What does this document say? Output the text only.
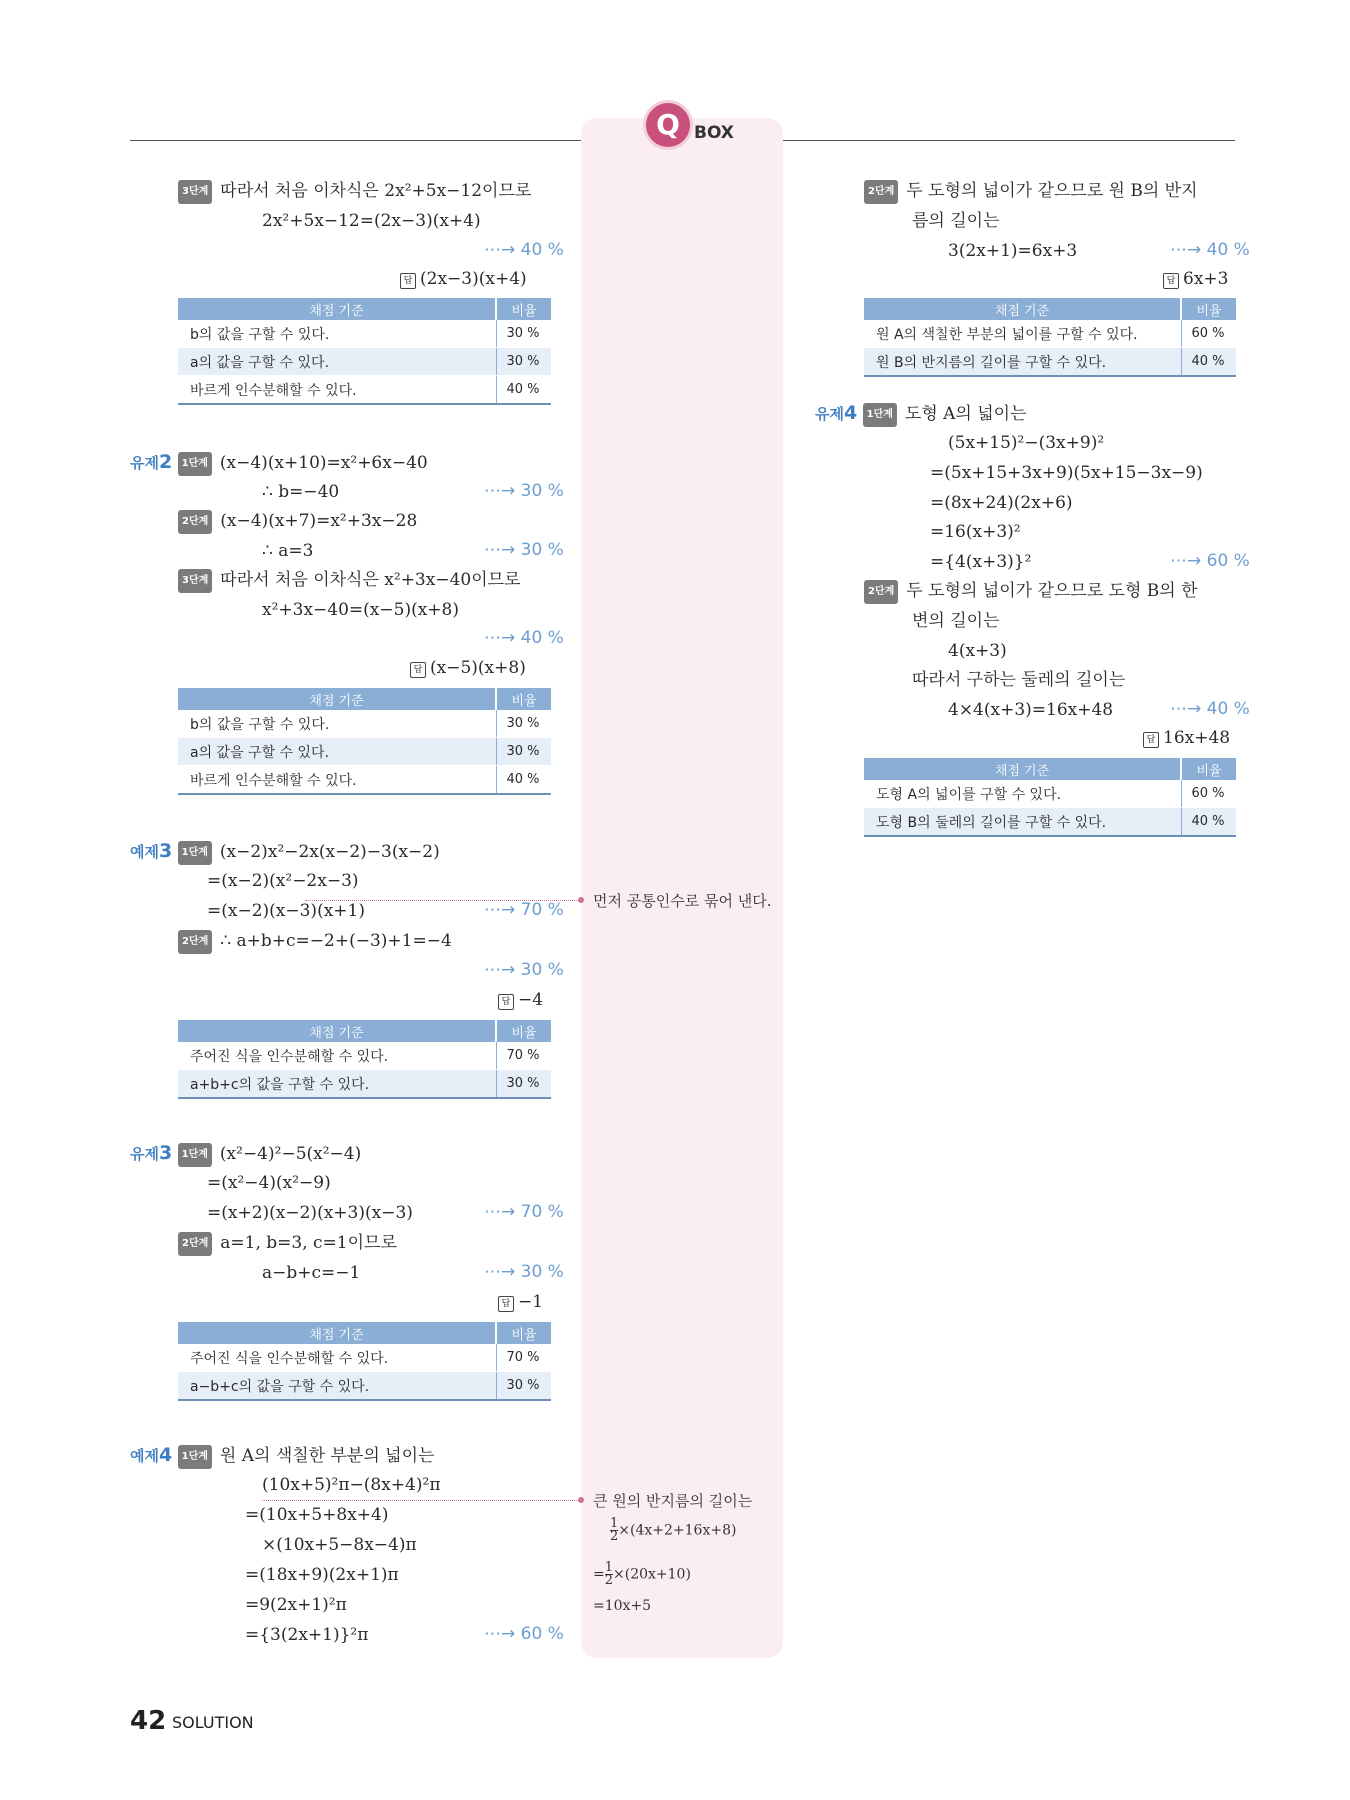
Q BOX
3단계 따라서 처음 이차식은 2x²+5x−12이므로
2x²+5x−12=(2x−3)(x+4)
⋯→ 40 %
답 (2x−3)(x+4)
채점 기준	비율
b의 값을 구할 수 있다.	30 %
a의 값을 구할 수 있다.	30 %
바르게 인수분해할 수 있다.	40 %
유제2 1단계 (x−4)(x+10)=x²+6x−40
∴ b=−40	⋯→ 30 %
2단계 (x−4)(x+7)=x²+3x−28
∴ a=3	⋯→ 30 %
3단계 따라서 처음 이차식은 x²+3x−40이므로
x²+3x−40=(x−5)(x+8)
⋯→ 40 %
답 (x−5)(x+8)
채점 기준	비율
b의 값을 구할 수 있다.	30 %
a의 값을 구할 수 있다.	30 %
바르게 인수분해할 수 있다.	40 %
예제3 1단계 (x−2)x²−2x(x−2)−3(x−2)
=(x−2)(x²−2x−3)
=(x−2)(x−3)(x+1)	⋯→ 70 %
2단계 ∴ a+b+c=−2+(−3)+1=−4
⋯→ 30 %
답 −4
채점 기준	비율
주어진 식을 인수분해할 수 있다.	70 %
a+b+c의 값을 구할 수 있다.	30 %
유제3 1단계 (x²−4)²−5(x²−4)
=(x²−4)(x²−9)
=(x+2)(x−2)(x+3)(x−3)	⋯→ 70 %
2단계 a=1, b=3, c=1이므로
a−b+c=−1	⋯→ 30 %
답 −1
채점 기준	비율
주어진 식을 인수분해할 수 있다.	70 %
a−b+c의 값을 구할 수 있다.	30 %
예제4 1단계 원 A의 색칠한 부분의 넓이는
(10x+5)²π−(8x+4)²π
=(10x+5+8x+4)
×(10x+5−8x−4)π
=(18x+9)(2x+1)π
=9(2x+1)²π
={3(2x+1)}²π	⋯→ 60 %
먼저 공통인수로 묶어 낸다.
큰 원의 반지름의 길이는
$\frac{1}{2} \times(4x+2+16x+8)$
= $\frac{1}{2} \times(20x+10)$
=10x+5
2단계 두 도형의 넓이가 같으므로 원 B의 반지
름의 길이는
3(2x+1)=6x+3	⋯→ 40 %
답 6x+3
채점 기준	비율
원 A의 색칠한 부분의 넓이를 구할 수 있다.	60 %
원 B의 반지름의 길이를 구할 수 있다.	40 %
유제4 1단계 도형 A의 넓이는
(5x+15)²−(3x+9)²
=(5x+15+3x+9)(5x+15−3x−9)
=(8x+24)(2x+6)
=16(x+3)²
={4(x+3)}²	⋯→ 60 %
2단계 두 도형의 넓이가 같으므로 도형 B의 한
변의 길이는
4(x+3)
따라서 구하는 둘레의 길이는
4×4(x+3)=16x+48	⋯→ 40 %
답 16x+48
채점 기준	비율
도형 A의 넓이를 구할 수 있다.	60 %
도형 B의 둘레의 길이를 구할 수 있다.	40 %
42 SOLUTION
